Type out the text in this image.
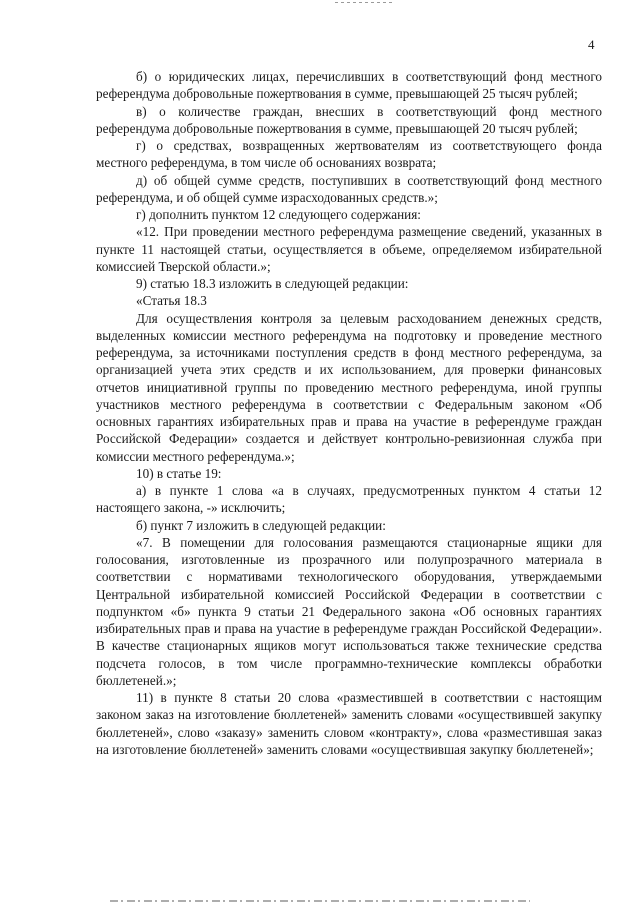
4

б) о юридических лицах, перечисливших в соответствующий фонд местного референдума добровольные пожертвования в сумме, превышающей 25 тысяч рублей;

в) о количестве граждан, внесших в соответствующий фонд местного референдума добровольные пожертвования в сумме, превышающей 20 тысяч рублей;

г) о средствах, возвращенных жертвователям из соответствующего фонда местного референдума, в том числе об основаниях возврата;

д) об общей сумме средств, поступивших в соответствующий фонд местного референдума, и об общей сумме израсходованных средств.»;

г) дополнить пунктом 12 следующего содержания:

«12. При проведении местного референдума размещение сведений, указанных в пункте 11 настоящей статьи, осуществляется в объеме, определяемом избирательной комиссией Тверской области.»;

9) статью 18.3 изложить в следующей редакции:

«Статья 18.3

Для осуществления контроля за целевым расходованием денежных средств, выделенных комиссии местного референдума на подготовку и проведение местного референдума, за источниками поступления средств в фонд местного референдума, за организацией учета этих средств и их использованием, для проверки финансовых отчетов инициативной группы по проведению местного референдума, иной группы участников местного референдума в соответствии с Федеральным законом «Об основных гарантиях избирательных прав и права на участие в референдуме граждан Российской Федерации» создается и действует контрольно-ревизионная служба при комиссии местного референдума.»;

10) в статье 19:

а) в пункте 1 слова «а в случаях, предусмотренных пунктом 4 статьи 12 настоящего закона, -» исключить;

б) пункт 7 изложить в следующей редакции:

«7. В помещении для голосования размещаются стационарные ящики для голосования, изготовленные из прозрачного или полупрозрачного материала в соответствии с нормативами технологического оборудования, утверждаемыми Центральной избирательной комиссией Российской Федерации в соответствии с подпунктом «б» пункта 9 статьи 21 Федерального закона «Об основных гарантиях избирательных прав и права на участие в референдуме граждан Российской Федерации». В качестве стационарных ящиков могут использоваться также технические средства подсчета голосов, в том числе программно-технические комплексы обработки бюллетеней.»;

11) в пункте 8 статьи 20 слова «разместившей в соответствии с настоящим законом заказ на изготовление бюллетеней» заменить словами «осуществившей закупку бюллетеней», слово «заказу» заменить словом «контракту», слова «разместившая заказ на изготовление бюллетеней» заменить словами «осуществившая закупку бюллетеней»;
